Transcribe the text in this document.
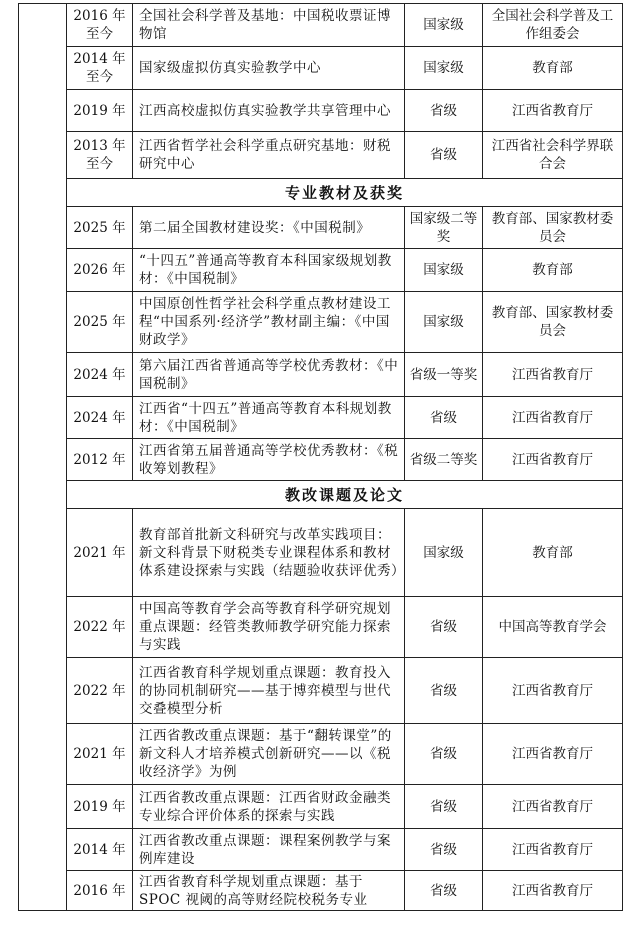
	2016 年至今	全国社会科学普及基地：中国税收票证博物馆	国家级	全国社会科学普及工作组委会
	2014 年至今	国家级虚拟仿真实验教学中心	国家级	教育部
	2019 年	江西高校虚拟仿真实验教学共享管理中心	省级	江西省教育厅
	2013 年至今	江西省哲学社会科学重点研究基地：财税研究中心	省级	江西省社会科学界联合会
	专业教材及获奖			
	2025 年	第二届全国教材建设奖：《中国税制》	国家级二等奖	教育部、国家教材委员会
	2026 年	“十四五”普通高等教育本科国家级规划教材：《中国税制》	国家级	教育部
	2025 年	中国原创性哲学社会科学重点教材建设工程“中国系列·经济学”教材副主编：《中国财政学》	国家级	教育部、国家教材委员会
	2024 年	第六届江西省普通高等学校优秀教材：《中国税制》	省级一等奖	江西省教育厅
	2024 年	江西省“十四五”普通高等教育本科规划教材：《中国税制》	省级	江西省教育厅
	2012 年	江西省第五届普通高等学校优秀教材：《税收筹划教程》	省级二等奖	江西省教育厅
	教改课题及论文			
	2021 年	教育部首批新文科研究与改革实践项目：新文科背景下财税类专业课程体系和教材体系建设探索与实践（结题验收获评优秀）	国家级	教育部
	2022 年	中国高等教育学会高等教育科学研究规划重点课题：经管类教师教学研究能力探索与实践	省级	中国高等教育学会
	2022 年	江西省教育科学规划重点课题：教育投入的协同机制研究——基于博弈模型与世代交叠模型分析	省级	江西省教育厅
	2021 年	江西省教改重点课题：基于“翻转课堂”的新文科人才培养模式创新研究——以《税收经济学》为例	省级	江西省教育厅
	2019 年	江西省教改重点课题：江西省财政金融类专业综合评价体系的探索与实践	省级	江西省教育厅
	2014 年	江西省教改重点课题：课程案例教学与案例库建设	省级	江西省教育厅
	2016 年	江西省教育科学规划重点课题：基于SPOC 视阈的高等财经院校税务专业	省级	江西省教育厅
